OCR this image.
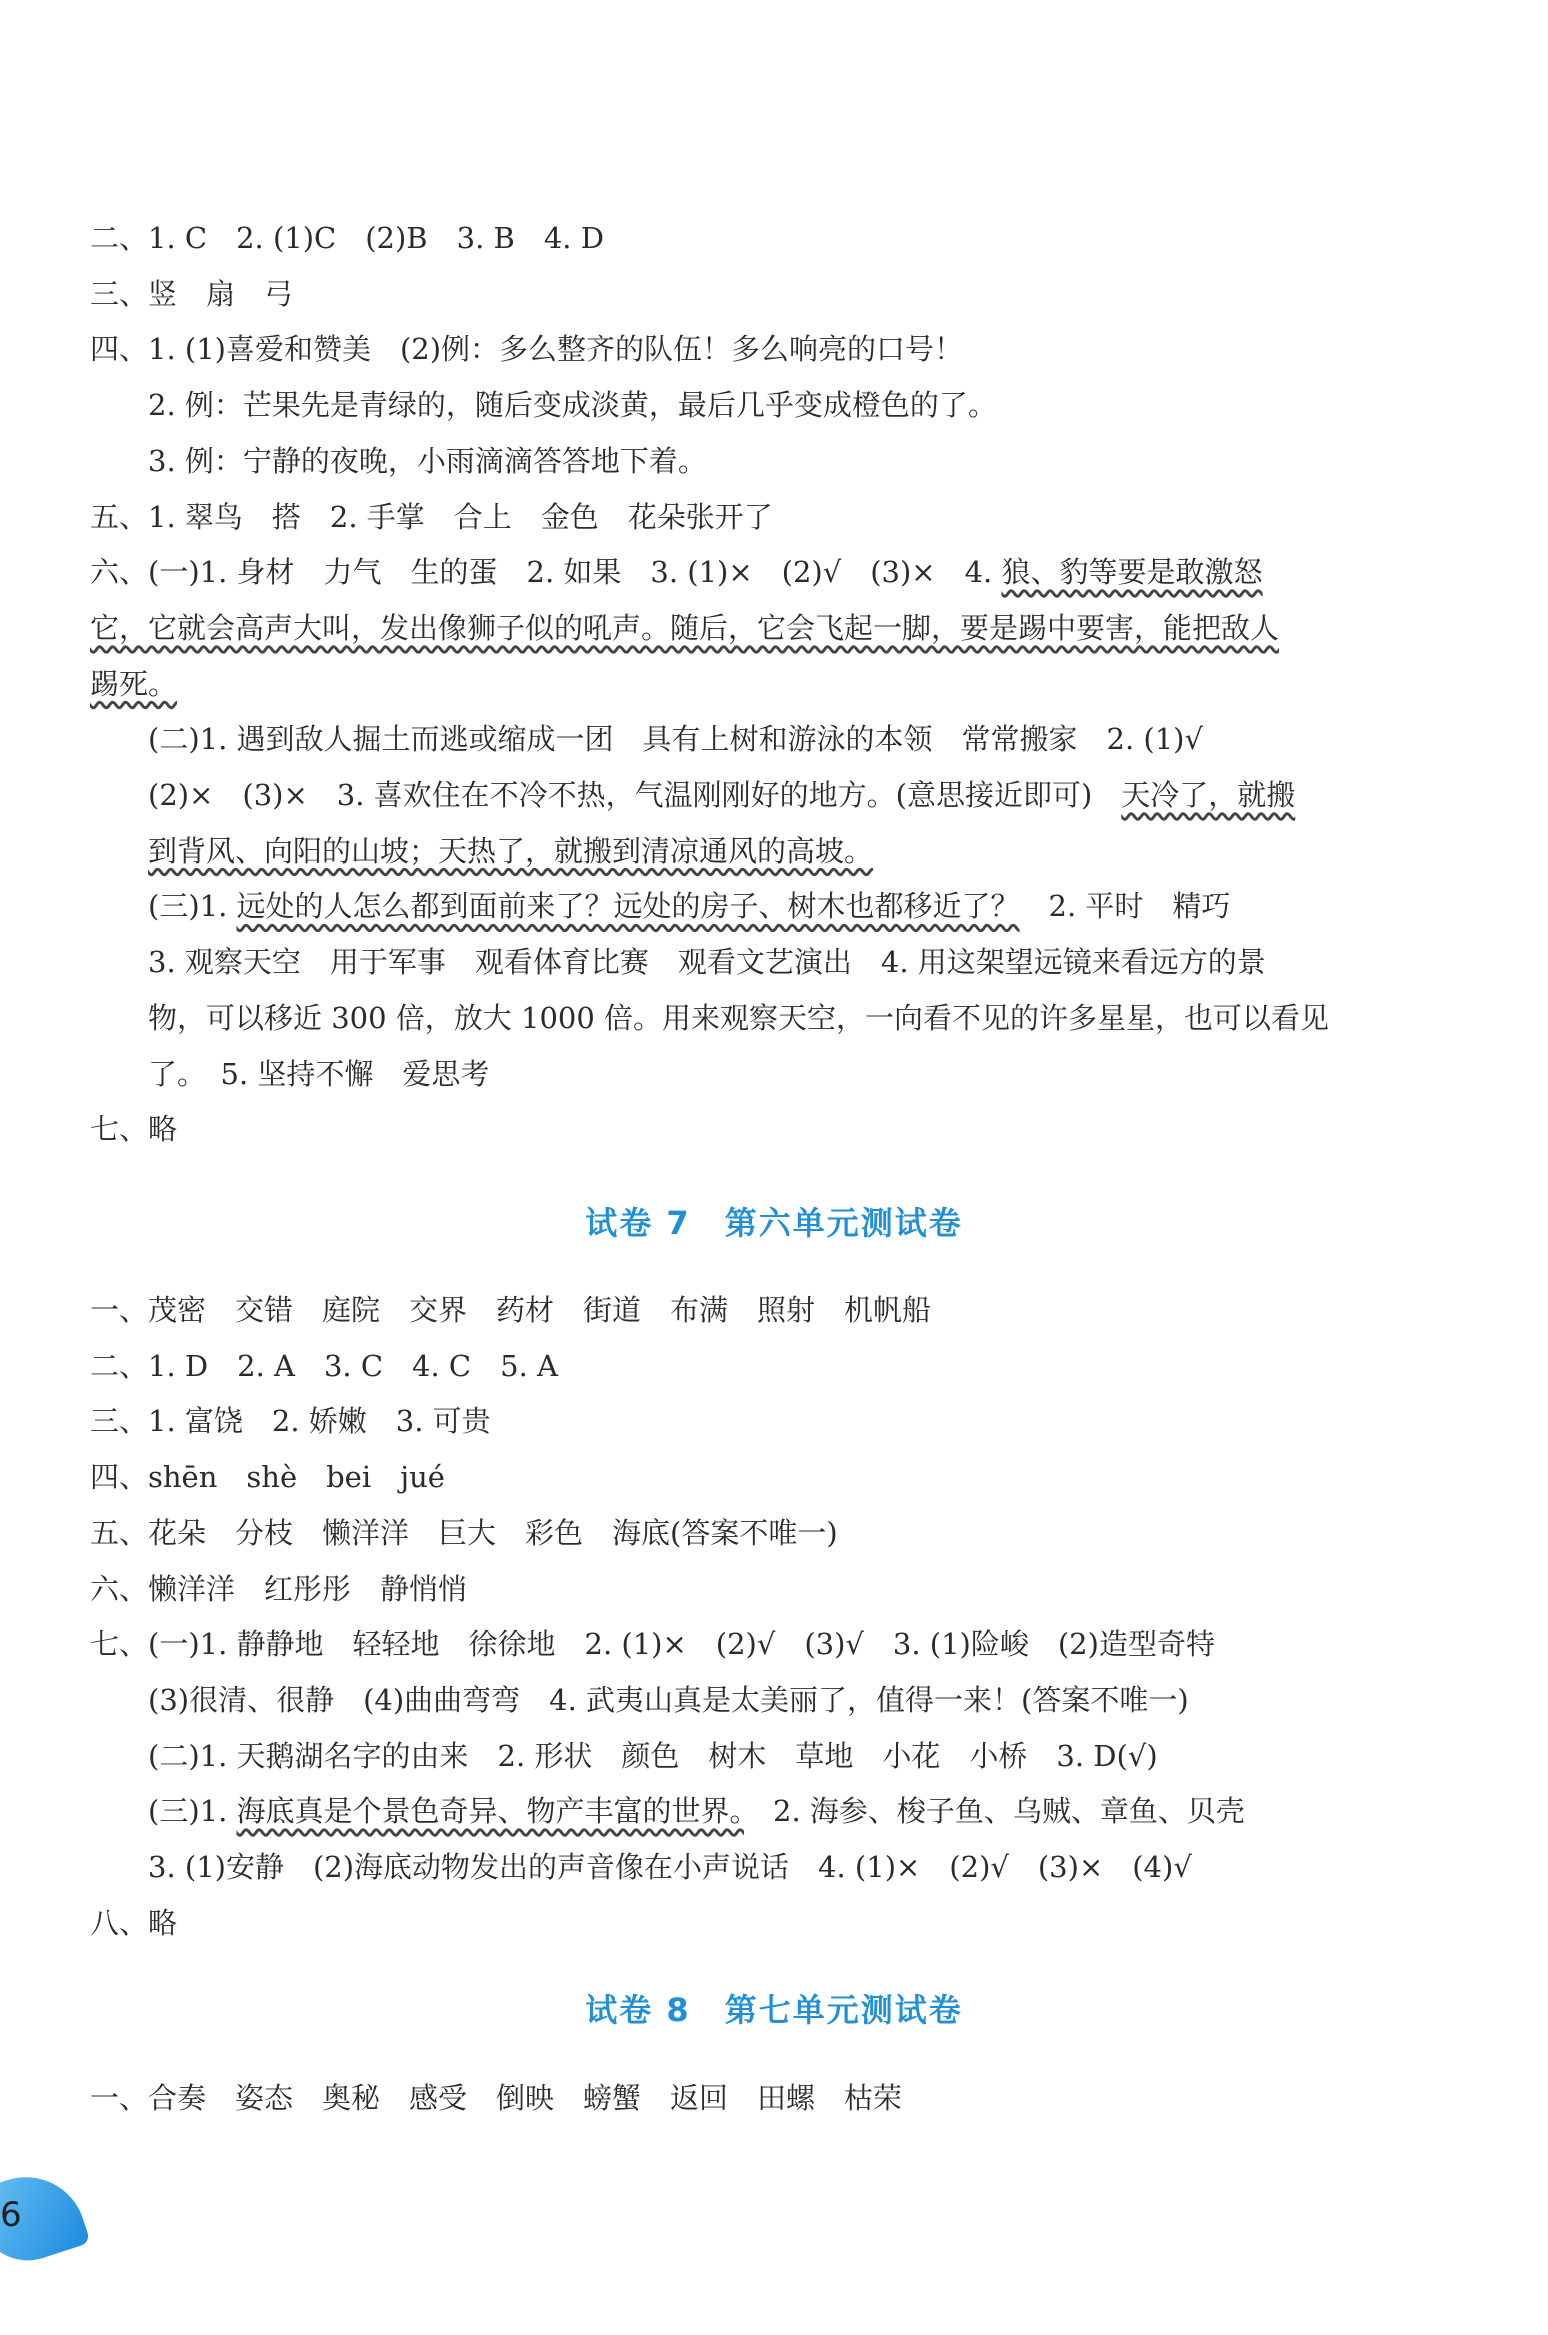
二、1. C　2. (1)C　(2)B　3. B　4. D
三、竖　扇　弓
四、1. (1)喜爱和赞美　(2)例：多么整齐的队伍！多么响亮的口号！
　　2. 例：芒果先是青绿的，随后变成淡黄，最后几乎变成橙色的了。
　　3. 例：宁静的夜晚，小雨滴滴答答地下着。
五、1. 翠鸟　搭　2. 手掌　合上　金色　花朵张开了
六、(一)1. 身材　力气　生的蛋　2. 如果　3. (1)×　(2)√　(3)×　4. 狼、豹等要是敢激怒
它，它就会高声大叫，发出像狮子似的吼声。随后，它会飞起一脚，要是踢中要害，能把敌人
踢死。
　　(二)1. 遇到敌人掘土而逃或缩成一团　具有上树和游泳的本领　常常搬家　2. (1)√
　　(2)×　(3)×　3. 喜欢住在不冷不热，气温刚刚好的地方。(意思接近即可)　天冷了，就搬
　　到背风、向阳的山坡；天热了，就搬到清凉通风的高坡。
　　(三)1. 远处的人怎么都到面前来了？远处的房子、树木也都移近了？　2. 平时　精巧
　　3. 观察天空　用于军事　观看体育比赛　观看文艺演出　4. 用这架望远镜来看远方的景
　　物，可以移近 300 倍，放大 1000 倍。用来观察天空，一向看不见的许多星星，也可以看见
　　了。　5. 坚持不懈　爱思考
七、略
一、茂密　交错　庭院　交界　药材　街道　布满　照射　机帆船
二、1. D　2. A　3. C　4. C　5. A
三、1. 富饶　2. 娇嫩　3. 可贵
四、shēn　shè　bei　jué
五、花朵　分枝　懒洋洋　巨大　彩色　海底(答案不唯一)
六、懒洋洋　红彤彤　静悄悄
七、(一)1. 静静地　轻轻地　徐徐地　2. (1)×　(2)√　(3)√　3. (1)险峻　(2)造型奇特
　　(3)很清、很静　(4)曲曲弯弯　4. 武夷山真是太美丽了，值得一来！(答案不唯一)
　　(二)1. 天鹅湖名字的由来　2. 形状　颜色　树木　草地　小花　小桥　3. D(√)
　　(三)1. 海底真是个景色奇异、物产丰富的世界。　2. 海参、梭子鱼、乌贼、章鱼、贝壳
　　3. (1)安静　(2)海底动物发出的声音像在小声说话　4. (1)×　(2)√　(3)×　(4)√
八、略
一、合奏　姿态　奥秘　感受　倒映　螃蟹　返回　田螺　枯荣
试卷 7　第六单元测试卷
试卷 8　第七单元测试卷
6
